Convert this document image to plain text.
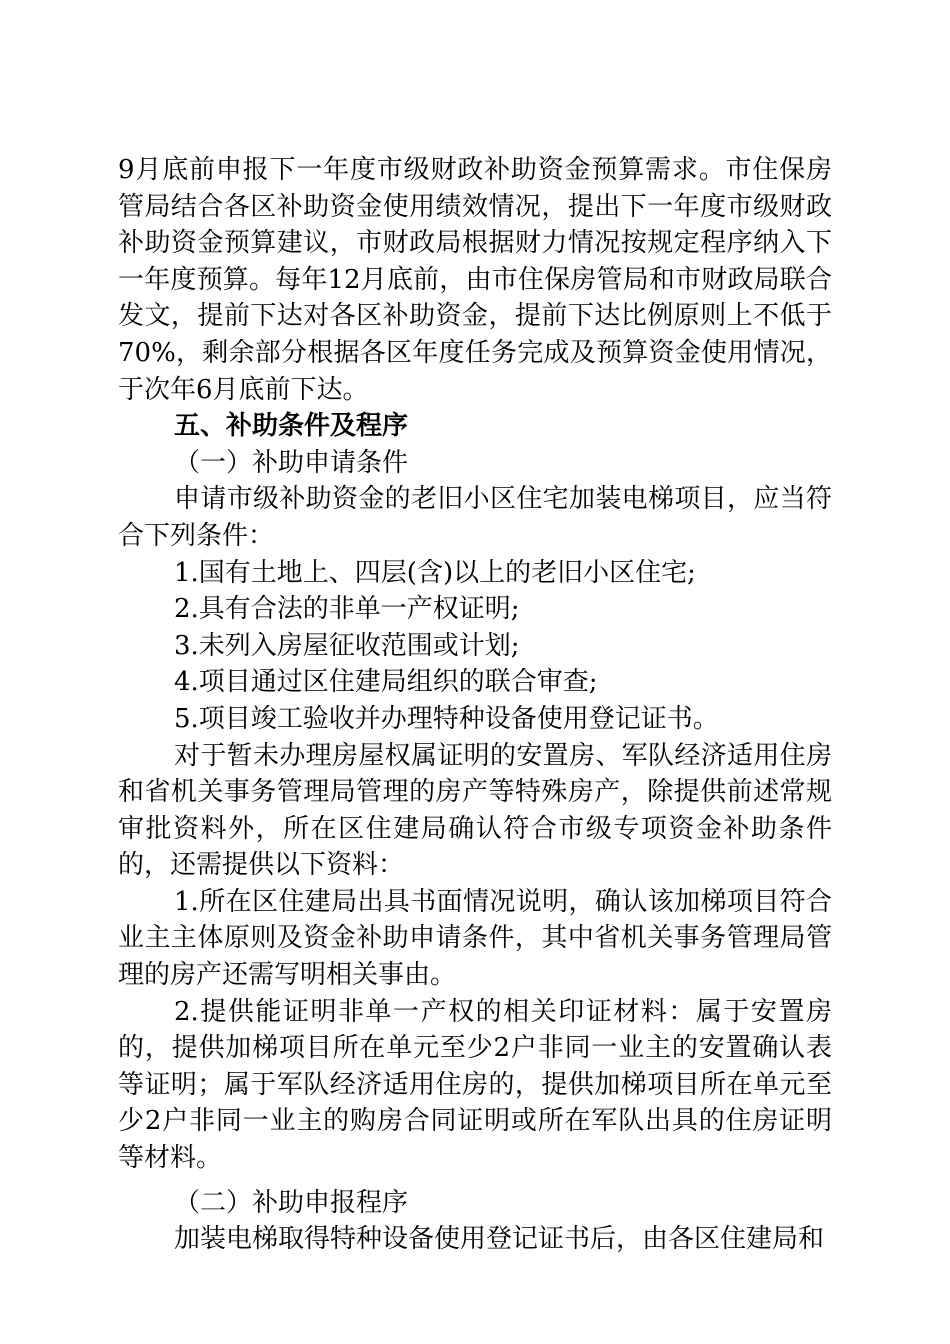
9月底前申报下一年度市级财政补助资金预算需求。市住保房管局结合各区补助资金使用绩效情况，提出下一年度市级财政补助资金预算建议，市财政局根据财力情况按规定程序纳入下一年度预算。每年12月底前，由市住保房管局和市财政局联合发文，提前下达对各区补助资金，提前下达比例原则上不低于70%，剩余部分根据各区年度任务完成及预算资金使用情况，于次年6月底前下达。

五、补助条件及程序

（一）补助申请条件

申请市级补助资金的老旧小区住宅加装电梯项目，应当符合下列条件：

1.国有土地上、四层(含)以上的老旧小区住宅;

2.具有合法的非单一产权证明;

3.未列入房屋征收范围或计划;

4.项目通过区住建局组织的联合审查;

5.项目竣工验收并办理特种设备使用登记证书。

对于暂未办理房屋权属证明的安置房、军队经济适用住房和省机关事务管理局管理的房产等特殊房产，除提供前述常规审批资料外，所在区住建局确认符合市级专项资金补助条件的，还需提供以下资料：

1.所在区住建局出具书面情况说明，确认该加梯项目符合业主主体原则及资金补助申请条件，其中省机关事务管理局管理的房产还需写明相关事由。

2.提供能证明非单一产权的相关印证材料：属于安置房的，提供加梯项目所在单元至少2户非同一业主的安置确认表等证明；属于军队经济适用住房的，提供加梯项目所在单元至少2户非同一业主的购房合同证明或所在军队出具的住房证明等材料。

（二）补助申报程序

加装电梯取得特种设备使用登记证书后，由各区住建局和
